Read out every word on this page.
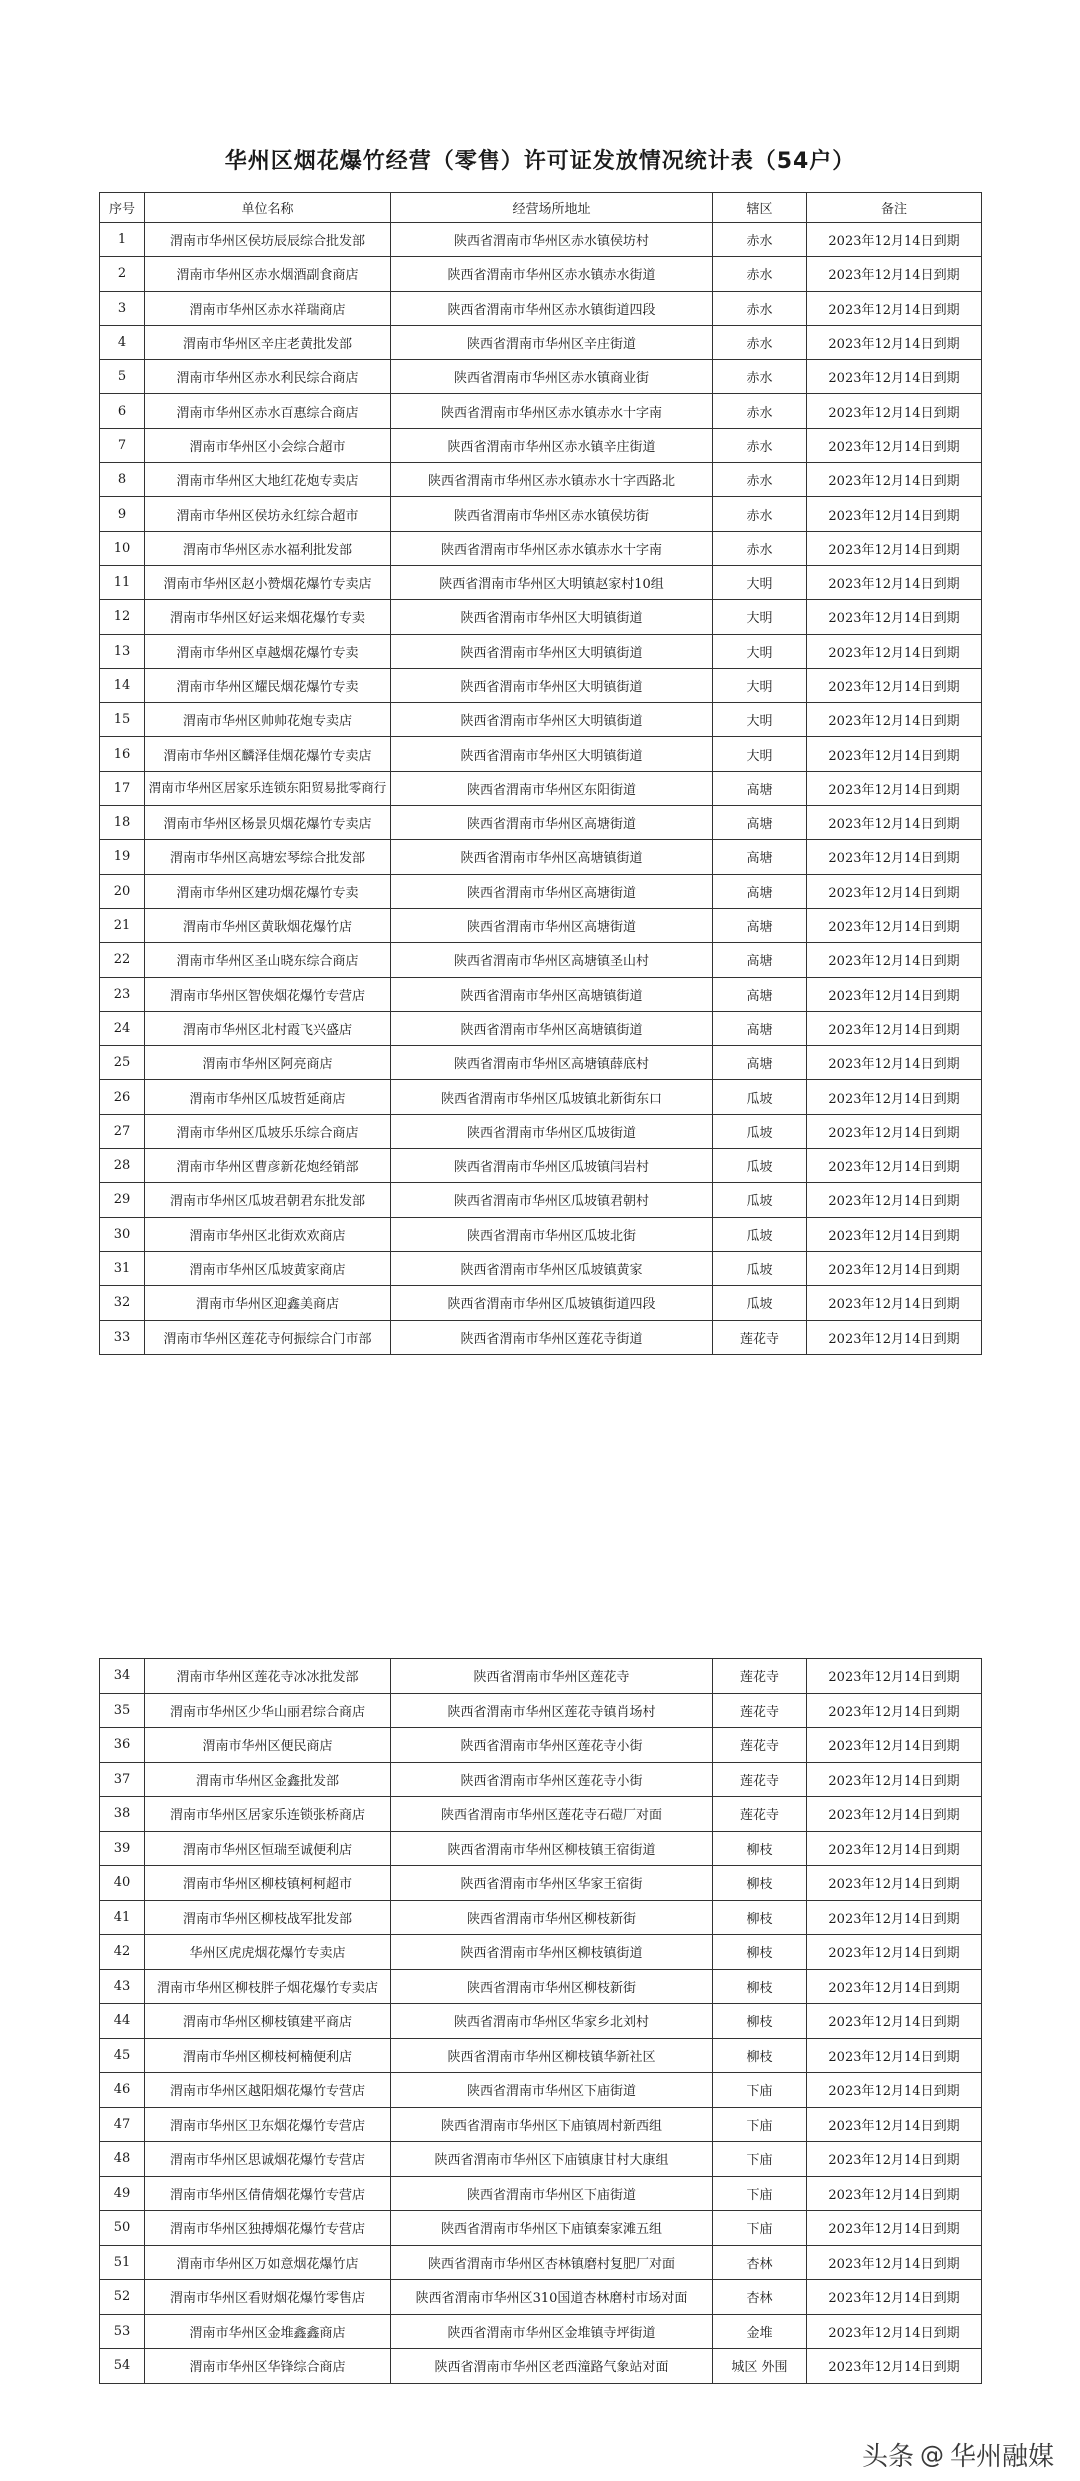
华州区烟花爆竹经营（零售）许可证发放情况统计表（54户）
序号	单位名称	经营场所地址	辖区	备注
1	渭南市华州区侯坊辰辰综合批发部	陕西省渭南市华州区赤水镇侯坊村	赤水	2023年12月14日到期
2	渭南市华州区赤水烟酒副食商店	陕西省渭南市华州区赤水镇赤水街道	赤水	2023年12月14日到期
3	渭南市华州区赤水祥瑞商店	陕西省渭南市华州区赤水镇街道四段	赤水	2023年12月14日到期
4	渭南市华州区辛庄老黄批发部	陕西省渭南市华州区辛庄街道	赤水	2023年12月14日到期
5	渭南市华州区赤水利民综合商店	陕西省渭南市华州区赤水镇商业街	赤水	2023年12月14日到期
6	渭南市华州区赤水百惠综合商店	陕西省渭南市华州区赤水镇赤水十字南	赤水	2023年12月14日到期
7	渭南市华州区小会综合超市	陕西省渭南市华州区赤水镇辛庄街道	赤水	2023年12月14日到期
8	渭南市华州区大地红花炮专卖店	陕西省渭南市华州区赤水镇赤水十字西路北	赤水	2023年12月14日到期
9	渭南市华州区侯坊永红综合超市	陕西省渭南市华州区赤水镇侯坊街	赤水	2023年12月14日到期
10	渭南市华州区赤水福利批发部	陕西省渭南市华州区赤水镇赤水十字南	赤水	2023年12月14日到期
11	渭南市华州区赵小赞烟花爆竹专卖店	陕西省渭南市华州区大明镇赵家村10组	大明	2023年12月14日到期
12	渭南市华州区好运来烟花爆竹专卖	陕西省渭南市华州区大明镇街道	大明	2023年12月14日到期
13	渭南市华州区卓越烟花爆竹专卖	陕西省渭南市华州区大明镇街道	大明	2023年12月14日到期
14	渭南市华州区耀民烟花爆竹专卖	陕西省渭南市华州区大明镇街道	大明	2023年12月14日到期
15	渭南市华州区帅帅花炮专卖店	陕西省渭南市华州区大明镇街道	大明	2023年12月14日到期
16	渭南市华州区麟泽佳烟花爆竹专卖店	陕西省渭南市华州区大明镇街道	大明	2023年12月14日到期
17	渭南市华州区居家乐连锁东阳贸易批零商行	陕西省渭南市华州区东阳街道	高塘	2023年12月14日到期
18	渭南市华州区杨景贝烟花爆竹专卖店	陕西省渭南市华州区高塘街道	高塘	2023年12月14日到期
19	渭南市华州区高塘宏琴综合批发部	陕西省渭南市华州区高塘镇街道	高塘	2023年12月14日到期
20	渭南市华州区建功烟花爆竹专卖	陕西省渭南市华州区高塘街道	高塘	2023年12月14日到期
21	渭南市华州区黄耿烟花爆竹店	陕西省渭南市华州区高塘街道	高塘	2023年12月14日到期
22	渭南市华州区圣山晓东综合商店	陕西省渭南市华州区高塘镇圣山村	高塘	2023年12月14日到期
23	渭南市华州区智侠烟花爆竹专营店	陕西省渭南市华州区高塘镇街道	高塘	2023年12月14日到期
24	渭南市华州区北村霞飞兴盛店	陕西省渭南市华州区高塘镇街道	高塘	2023年12月14日到期
25	渭南市华州区阿亮商店	陕西省渭南市华州区高塘镇薛底村	高塘	2023年12月14日到期
26	渭南市华州区瓜坡哲延商店	陕西省渭南市华州区瓜坡镇北新街东口	瓜坡	2023年12月14日到期
27	渭南市华州区瓜坡乐乐综合商店	陕西省渭南市华州区瓜坡街道	瓜坡	2023年12月14日到期
28	渭南市华州区曹彦新花炮经销部	陕西省渭南市华州区瓜坡镇闫岩村	瓜坡	2023年12月14日到期
29	渭南市华州区瓜坡君朝君东批发部	陕西省渭南市华州区瓜坡镇君朝村	瓜坡	2023年12月14日到期
30	渭南市华州区北街欢欢商店	陕西省渭南市华州区瓜坡北街	瓜坡	2023年12月14日到期
31	渭南市华州区瓜坡黄家商店	陕西省渭南市华州区瓜坡镇黄家	瓜坡	2023年12月14日到期
32	渭南市华州区迎鑫美商店	陕西省渭南市华州区瓜坡镇街道四段	瓜坡	2023年12月14日到期
33	渭南市华州区莲花寺何振综合门市部	陕西省渭南市华州区莲花寺街道	莲花寺	2023年12月14日到期
34	渭南市华州区莲花寺冰冰批发部	陕西省渭南市华州区莲花寺	莲花寺	2023年12月14日到期
35	渭南市华州区少华山丽君综合商店	陕西省渭南市华州区莲花寺镇肖场村	莲花寺	2023年12月14日到期
36	渭南市华州区便民商店	陕西省渭南市华州区莲花寺小街	莲花寺	2023年12月14日到期
37	渭南市华州区金鑫批发部	陕西省渭南市华州区莲花寺小街	莲花寺	2023年12月14日到期
38	渭南市华州区居家乐连锁张桥商店	陕西省渭南市华州区莲花寺石磑厂对面	莲花寺	2023年12月14日到期
39	渭南市华州区恒瑞至诚便利店	陕西省渭南市华州区柳枝镇王宿街道	柳枝	2023年12月14日到期
40	渭南市华州区柳枝镇柯柯超市	陕西省渭南市华州区华家王宿街	柳枝	2023年12月14日到期
41	渭南市华州区柳枝战军批发部	陕西省渭南市华州区柳枝新街	柳枝	2023年12月14日到期
42	华州区虎虎烟花爆竹专卖店	陕西省渭南市华州区柳枝镇街道	柳枝	2023年12月14日到期
43	渭南市华州区柳枝胖子烟花爆竹专卖店	陕西省渭南市华州区柳枝新街	柳枝	2023年12月14日到期
44	渭南市华州区柳枝镇建平商店	陕西省渭南市华州区华家乡北刘村	柳枝	2023年12月14日到期
45	渭南市华州区柳枝柯楠便利店	陕西省渭南市华州区柳枝镇华新社区	柳枝	2023年12月14日到期
46	渭南市华州区越阳烟花爆竹专营店	陕西省渭南市华州区下庙街道	下庙	2023年12月14日到期
47	渭南市华州区卫东烟花爆竹专营店	陕西省渭南市华州区下庙镇周村新西组	下庙	2023年12月14日到期
48	渭南市华州区思诚烟花爆竹专营店	陕西省渭南市华州区下庙镇康甘村大康组	下庙	2023年12月14日到期
49	渭南市华州区倩倩烟花爆竹专营店	陕西省渭南市华州区下庙街道	下庙	2023年12月14日到期
50	渭南市华州区独搏烟花爆竹专营店	陕西省渭南市华州区下庙镇秦家滩五组	下庙	2023年12月14日到期
51	渭南市华州区万如意烟花爆竹店	陕西省渭南市华州区杏林镇磨村复肥厂对面	杏林	2023年12月14日到期
52	渭南市华州区看财烟花爆竹零售店	陕西省渭南市华州区310国道杏林磨村市场对面	杏林	2023年12月14日到期
53	渭南市华州区金堆鑫鑫商店	陕西省渭南市华州区金堆镇寺坪街道	金堆	2023年12月14日到期
54	渭南市华州区华锋综合商店	陕西省渭南市华州区老西潼路气象站对面	城区 外围	2023年12月14日到期
头条 @ 华州融媒
